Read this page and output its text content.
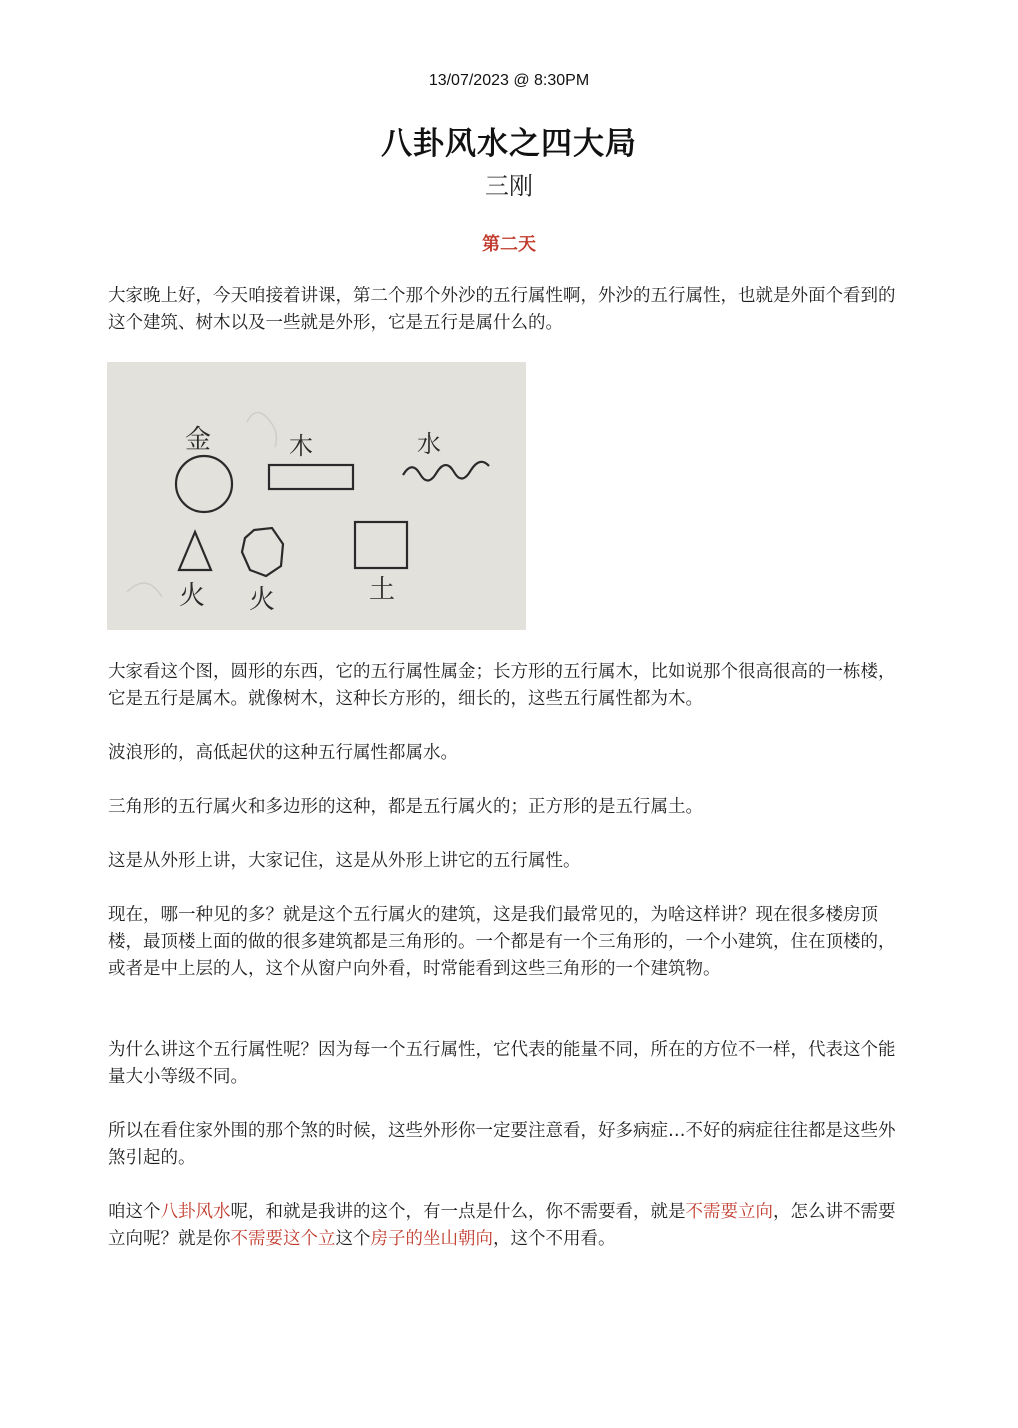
13/07/2023 @ 8:30PM
八卦风水之四大局
三刚
第二天

大家晚上好，今天咱接着讲课，第二个那个外沙的五行属性啊，外沙的五行属性，也就是外面个看到的这个建筑、树木以及一些就是外形，它是五行是属什么的。

金	木	水
火 火	土

大家看这个图，圆形的东西，它的五行属性属金；长方形的五行属木，比如说那个很高很高的一栋楼，它是五行是属木。就像树木，这种长方形的，细长的，这些五行属性都为木。

波浪形的，高低起伏的这种五行属性都属水。

三角形的五行属火和多边形的这种，都是五行属火的；正方形的是五行属土。

这是从外形上讲，大家记住，这是从外形上讲它的五行属性。

现在，哪一种见的多？就是这个五行属火的建筑，这是我们最常见的，为啥这样讲？现在很多楼房顶楼，最顶楼上面的做的很多建筑都是三角形的。一个都是有一个三角形的，一个小建筑，住在顶楼的，或者是中上层的人，这个从窗户向外看，时常能看到这些三角形的一个建筑物。

为什么讲这个五行属性呢？因为每一个五行属性，它代表的能量不同，所在的方位不一样，代表这个能量大小等级不同。

所以在看住家外围的那个煞的时候，这些外形你一定要注意看，好多病症…不好的病症往往都是这些外煞引起的。

咱这个八卦风水呢，和就是我讲的这个，有一点是什么，你不需要看，就是不需要立向，怎么讲不需要立向呢？就是你不需要这个立这个房子的坐山朝向，这个不用看。
